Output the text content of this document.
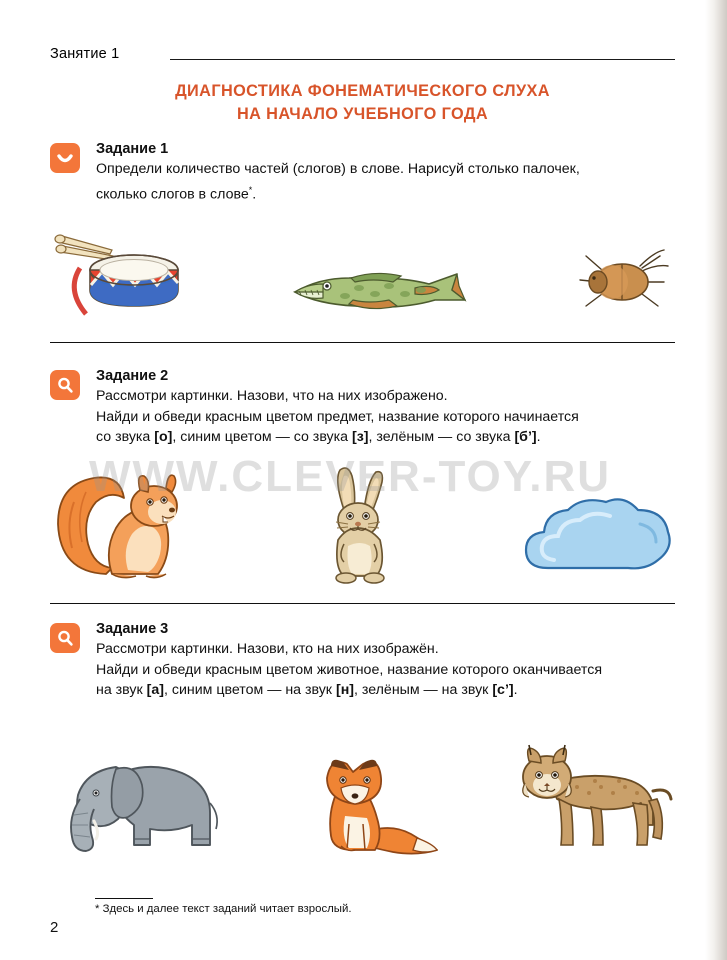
Занятие 1
ДИАГНОСТИКА ФОНЕМАТИЧЕСКОГО СЛУХА
НА НАЧАЛО УЧЕБНОГО ГОДА
Задание 1
Определи количество частей (слогов) в слове. Нарисуй столько палочек,
сколько слогов в слове*.
Задание 2
Рассмотри картинки. Назови, что на них изображено.
Найди и обведи красным цветом предмет, название которого начинается
со звука [о], синим цветом — со звука [з], зелёным — со звука [б’].
Задание 3
Рассмотри картинки. Назови, кто на них изображён.
Найди и обведи красным цветом животное, название которого оканчивается
на звук [а], синим цветом — на звук [н], зелёным — на звук [с’].
* Здесь и далее текст заданий читает взрослый.
2
WWW.CLEVER-TOY.RU
